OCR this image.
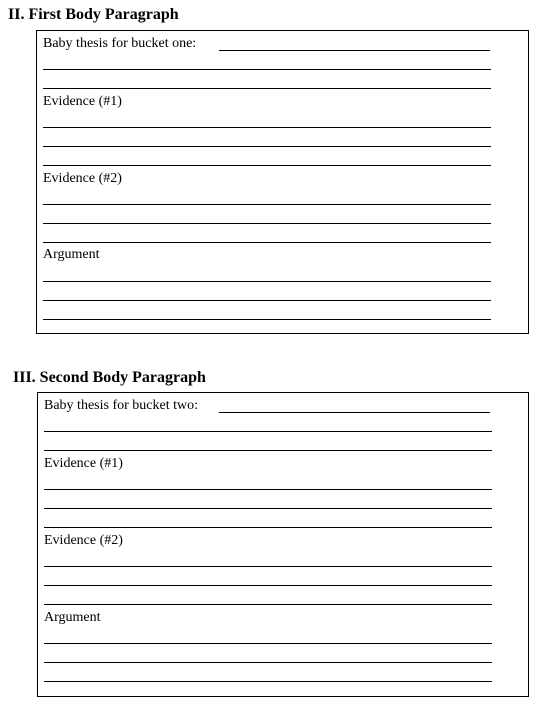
II. First Body Paragraph
Baby thesis for bucket one:
Evidence (#1)
Evidence (#2)
Argument
III. Second Body Paragraph
Baby thesis for bucket two:
Evidence (#1)
Evidence (#2)
Argument
